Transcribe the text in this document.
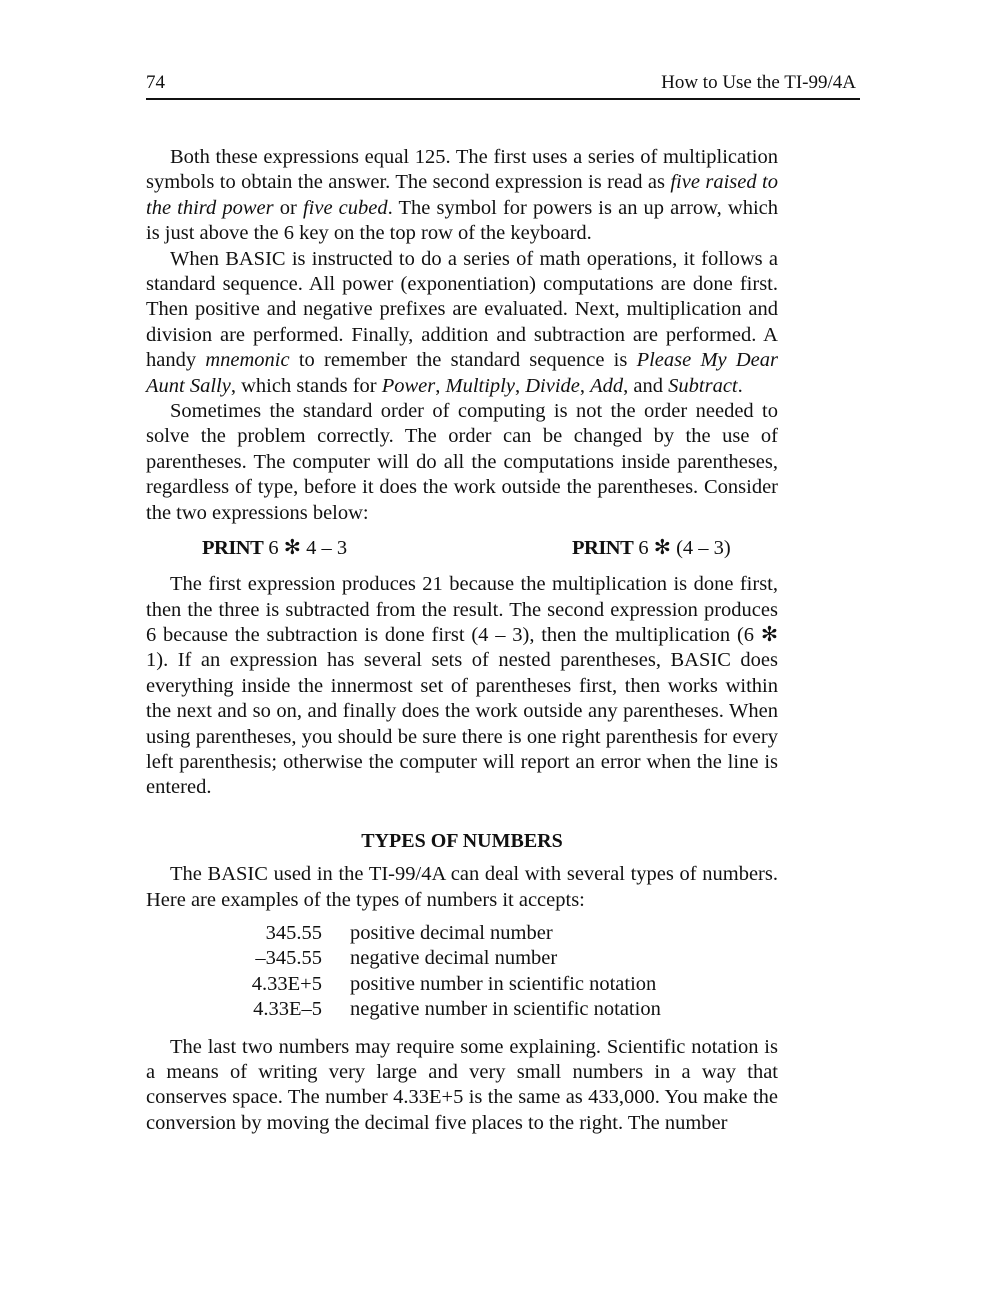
74	How to Use the TI-99/4A

Both these expressions equal 125. The first uses a series of multiplication symbols to obtain the answer. The second expression is read as five raised to the third power or five cubed. The symbol for powers is an up arrow, which is just above the 6 key on the top row of the keyboard.

When BASIC is instructed to do a series of math operations, it follows a standard sequence. All power (exponentiation) computations are done first. Then positive and negative prefixes are evaluated. Next, multiplication and division are performed. Finally, addition and subtraction are performed. A handy mnemonic to remember the standard sequence is Please My Dear Aunt Sally, which stands for Power, Multiply, Divide, Add, and Subtract.

Sometimes the standard order of computing is not the order needed to solve the problem correctly. The order can be changed by the use of parentheses. The computer will do all the computations inside parentheses, regardless of type, before it does the work outside the parentheses. Consider the two expressions below:

PRINT 6 ✻ 4 – 3	PRINT 6 ✻ (4 – 3)

The first expression produces 21 because the multiplication is done first, then the three is subtracted from the result. The second expression produces 6 because the subtraction is done first (4 – 3), then the multiplication (6 ✻ 1). If an expression has several sets of nested parentheses, BASIC does everything inside the innermost set of parentheses first, then works within the next and so on, and finally does the work outside any parentheses. When using parentheses, you should be sure there is one right parenthesis for every left parenthesis; otherwise the computer will report an error when the line is entered.

TYPES OF NUMBERS

The BASIC used in the TI-99/4A can deal with several types of numbers. Here are examples of the types of numbers it accepts:

345.55 positive decimal number
–345.55 negative decimal number
4.33E+5 positive number in scientific notation
4.33E–5 negative number in scientific notation

The last two numbers may require some explaining. Scientific notation is a means of writing very large and very small numbers in a way that conserves space. The number 4.33E+5 is the same as 433,000. You make the conversion by moving the decimal five places to the right. The number
